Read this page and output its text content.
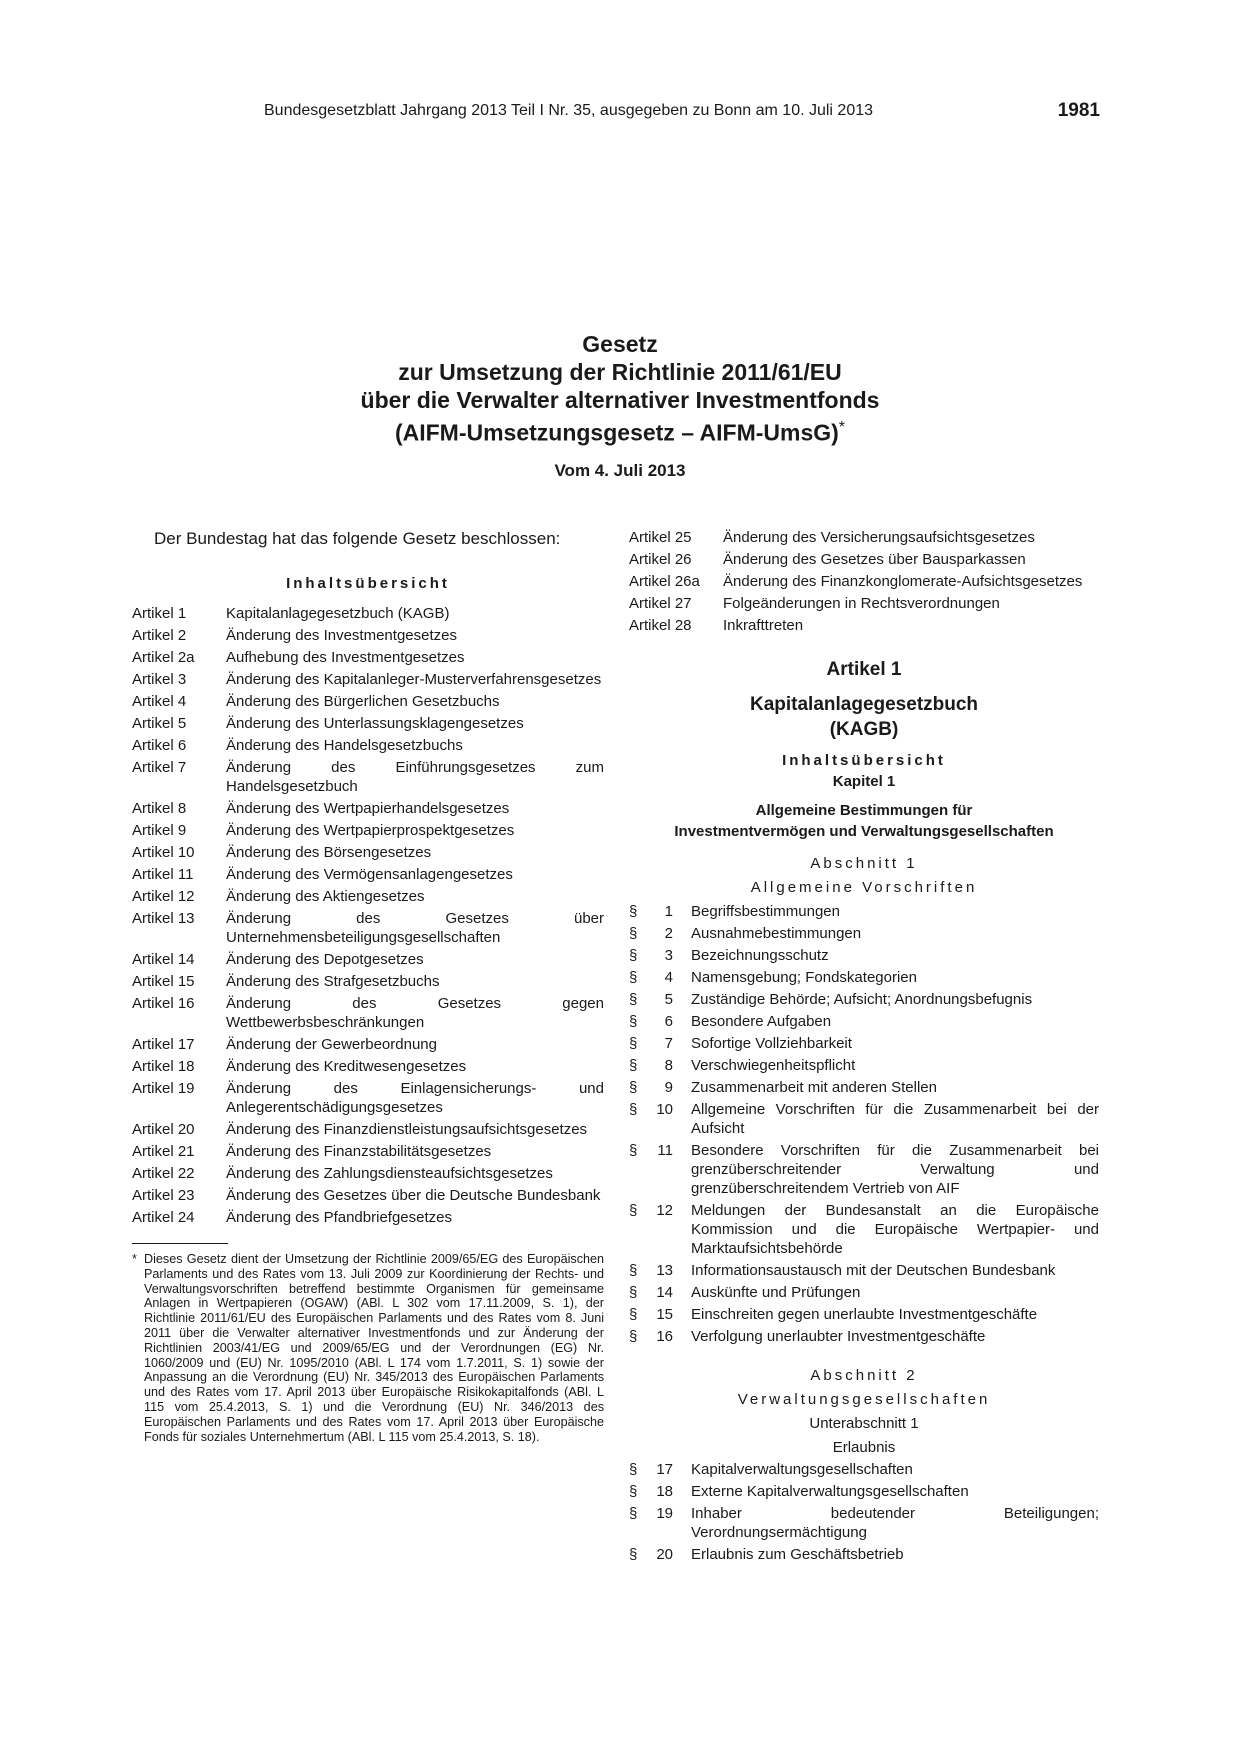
Bundesgesetzblatt Jahrgang 2013 Teil I Nr. 35, ausgegeben zu Bonn am 10. Juli 2013	1981
Gesetz
zur Umsetzung der Richtlinie 2011/61/EU
über die Verwalter alternativer Investmentfonds
(AIFM-Umsetzungsgesetz – AIFM-UmsG)*
Vom 4. Juli 2013

Der Bundestag hat das folgende Gesetz beschlossen:

Inhaltsübersicht
Artikel 1	Kapitalanlagegesetzbuch (KAGB)
Artikel 2	Änderung des Investmentgesetzes
Artikel 2a	Aufhebung des Investmentgesetzes
Artikel 3	Änderung des Kapitalanleger-Musterverfahrensgesetzes
Artikel 4	Änderung des Bürgerlichen Gesetzbuchs
Artikel 5	Änderung des Unterlassungsklagengesetzes
Artikel 6	Änderung des Handelsgesetzbuchs
Artikel 7	Änderung des Einführungsgesetzes zum Handelsgesetzbuch
Artikel 8	Änderung des Wertpapierhandelsgesetzes
Artikel 9	Änderung des Wertpapierprospektgesetzes
Artikel 10	Änderung des Börsengesetzes
Artikel 11	Änderung des Vermögensanlagengesetzes
Artikel 12	Änderung des Aktiengesetzes
Artikel 13	Änderung des Gesetzes über Unternehmensbeteiligungsgesellschaften
Artikel 14	Änderung des Depotgesetzes
Artikel 15	Änderung des Strafgesetzbuchs
Artikel 16	Änderung des Gesetzes gegen Wettbewerbsbeschränkungen
Artikel 17	Änderung der Gewerbeordnung
Artikel 18	Änderung des Kreditwesengesetzes
Artikel 19	Änderung des Einlagensicherungs- und Anlegerentschädigungsgesetzes
Artikel 20	Änderung des Finanzdienstleistungsaufsichtsgesetzes
Artikel 21	Änderung des Finanzstabilitätsgesetzes
Artikel 22	Änderung des Zahlungsdiensteaufsichtsgesetzes
Artikel 23	Änderung des Gesetzes über die Deutsche Bundesbank
Artikel 24	Änderung des Pfandbriefgesetzes
* Dieses Gesetz dient der Umsetzung der Richtlinie 2009/65/EG des Europäischen Parlaments und des Rates vom 13. Juli 2009 zur Koordinierung der Rechts- und Verwaltungsvorschriften betreffend bestimmte Organismen für gemeinsame Anlagen in Wertpapieren (OGAW) (ABl. L 302 vom 17.11.2009, S. 1), der Richtlinie 2011/61/EU des Europäischen Parlaments und des Rates vom 8. Juni 2011 über die Verwalter alternativer Investmentfonds und zur Änderung der Richtlinien 2003/41/EG und 2009/65/EG und der Verordnungen (EG) Nr. 1060/2009 und (EU) Nr. 1095/2010 (ABl. L 174 vom 1.7.2011, S. 1) sowie der Anpassung an die Verordnung (EU) Nr. 345/2013 des Europäischen Parlaments und des Rates vom 17. April 2013 über Europäische Risikokapitalfonds (ABl. L 115 vom 25.4.2013, S. 1) und die Verordnung (EU) Nr. 346/2013 des Europäischen Parlaments und des Rates vom 17. April 2013 über Europäische Fonds für soziales Unternehmertum (ABl. L 115 vom 25.4.2013, S. 18).
Artikel 25	Änderung des Versicherungsaufsichtsgesetzes
Artikel 26	Änderung des Gesetzes über Bausparkassen
Artikel 26a	Änderung des Finanzkonglomerate-Aufsichtsgesetzes
Artikel 27	Folgeänderungen in Rechtsverordnungen
Artikel 28	Inkrafttreten
Artikel 1
Kapitalanlagegesetzbuch
(KAGB)
Inhaltsübersicht
Kapitel 1
Allgemeine Bestimmungen für
Investmentvermögen und Verwaltungsgesellschaften
Abschnitt 1
Allgemeine Vorschriften
§	1 Begriffsbestimmungen
§	2 Ausnahmebestimmungen
§	3 Bezeichnungsschutz
§	4 Namensgebung; Fondskategorien
§	5 Zuständige Behörde; Aufsicht; Anordnungsbefugnis
§	6 Besondere Aufgaben
§	7 Sofortige Vollziehbarkeit
§	8 Verschwiegenheitspflicht
§	9 Zusammenarbeit mit anderen Stellen
§	10 Allgemeine Vorschriften für die Zusammenarbeit bei der Aufsicht
§	11 Besondere Vorschriften für die Zusammenarbeit bei grenzüberschreitender Verwaltung und grenzüberschreitendem Vertrieb von AIF
§	12 Meldungen der Bundesanstalt an die Europäische Kommission und die Europäische Wertpapier- und Marktaufsichtsbehörde
§	13 Informationsaustausch mit der Deutschen Bundesbank
§	14 Auskünfte und Prüfungen
§	15 Einschreiten gegen unerlaubte Investmentgeschäfte
§	16 Verfolgung unerlaubter Investmentgeschäfte
Abschnitt 2
Verwaltungsgesellschaften
Unterabschnitt 1
Erlaubnis
§	17 Kapitalverwaltungsgesellschaften
§	18 Externe Kapitalverwaltungsgesellschaften
§	19 Inhaber bedeutender Beteiligungen; Verordnungsermächtigung
§	20 Erlaubnis zum Geschäftsbetrieb
